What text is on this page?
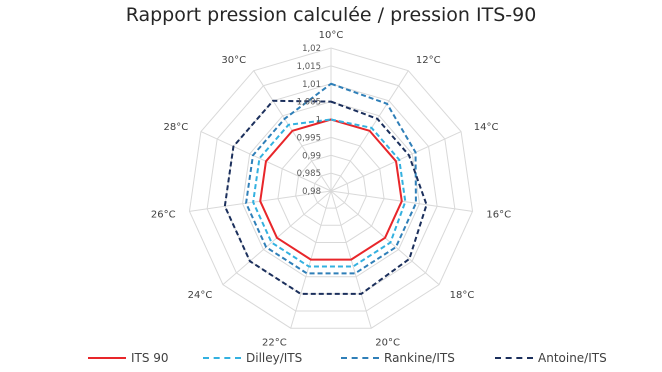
Rapport pression calculée / pression ITS-90
0,98
0,985
0,99
0,995
1
1,005
1,01
1,015
1,02
10°C
12°C
14°C
16°C
18°C
20°C
22°C
24°C
26°C
28°C
30°C
ITS 90	Dilley/ITS	Rankine/ITS	Antoine/ITS
